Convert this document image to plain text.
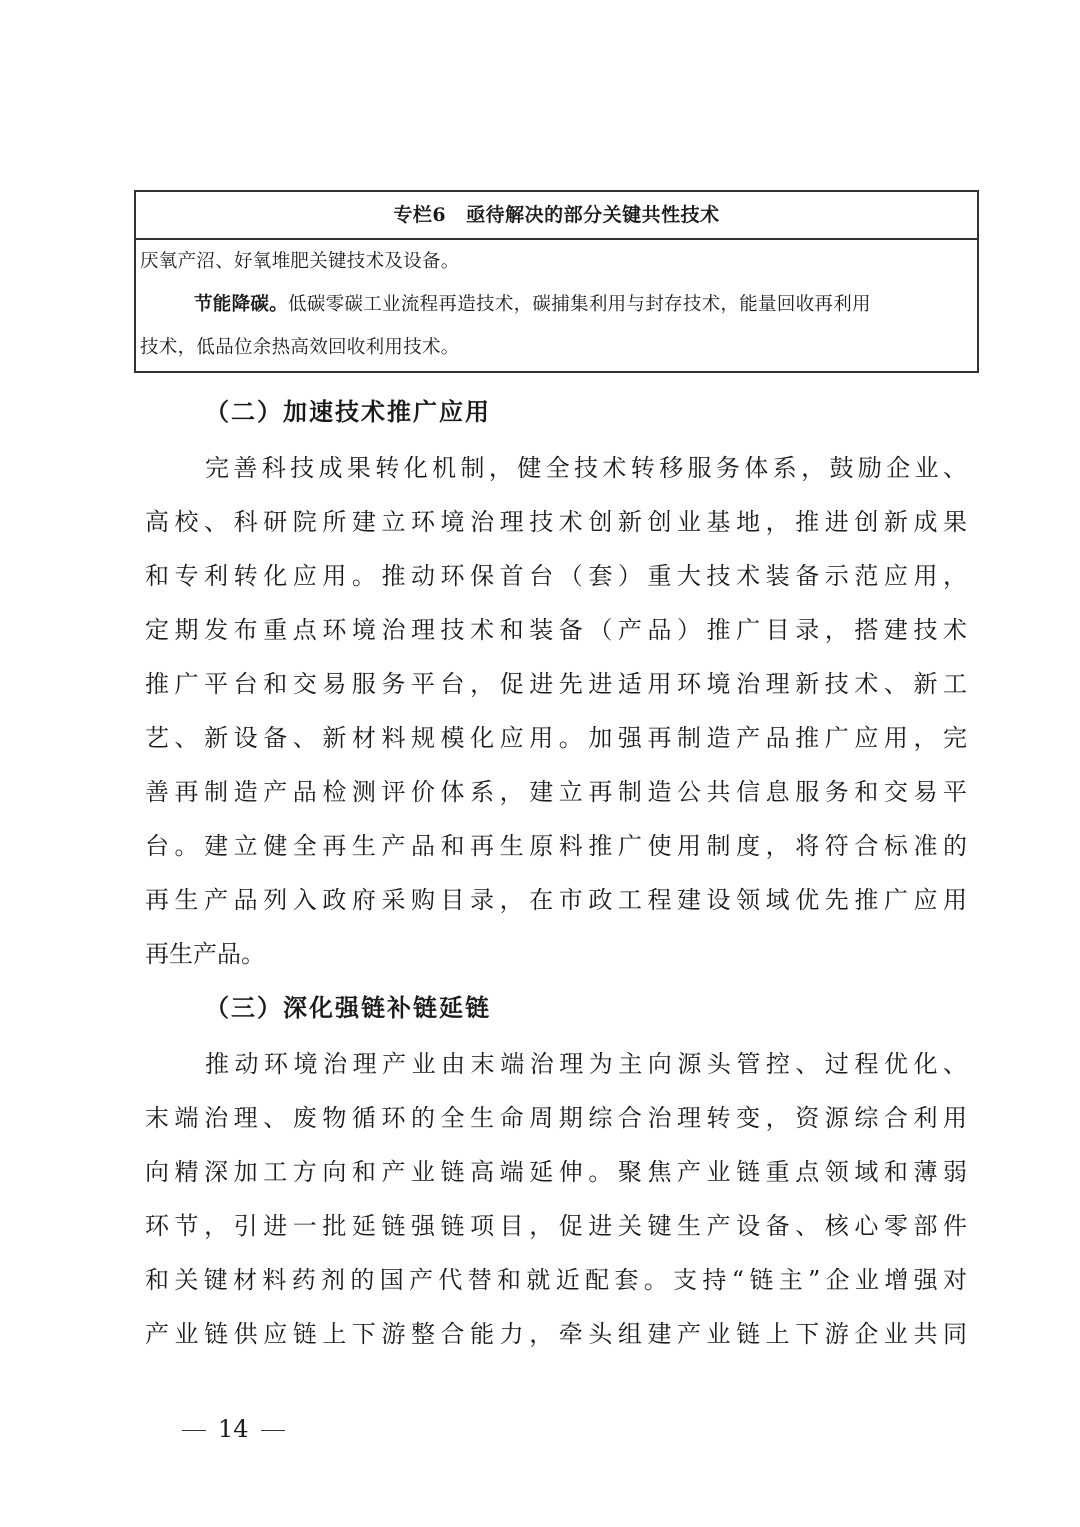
专栏6 亟待解决的部分关键共性技术
厌氧产沼、好氧堆肥关键技术及设备。
节能降碳。低碳零碳工业流程再造技术，碳捕集利用与封存技术，能量回收再利用
技术，低品位余热高效回收利用技术。
（二）加速技术推广应用
完善科技成果转化机制，健全技术转移服务体系，鼓励企业、
高校、科研院所建立环境治理技术创新创业基地，推进创新成果
和专利转化应用。推动环保首台（套）重大技术装备示范应用，
定期发布重点环境治理技术和装备（产品）推广目录，搭建技术
推广平台和交易服务平台，促进先进适用环境治理新技术、新工
艺、新设备、新材料规模化应用。加强再制造产品推广应用，完
善再制造产品检测评价体系，建立再制造公共信息服务和交易平
台。建立健全再生产品和再生原料推广使用制度，将符合标准的
再生产品列入政府采购目录，在市政工程建设领域优先推广应用
再生产品。
（三）深化强链补链延链
推动环境治理产业由末端治理为主向源头管控、过程优化、
末端治理、废物循环的全生命周期综合治理转变，资源综合利用
向精深加工方向和产业链高端延伸。聚焦产业链重点领域和薄弱
环节，引进一批延链强链项目，促进关键生产设备、核心零部件
和关键材料药剂的国产代替和就近配套。支持“链主”企业增强对
产业链供应链上下游整合能力，牵头组建产业链上下游企业共同
14
